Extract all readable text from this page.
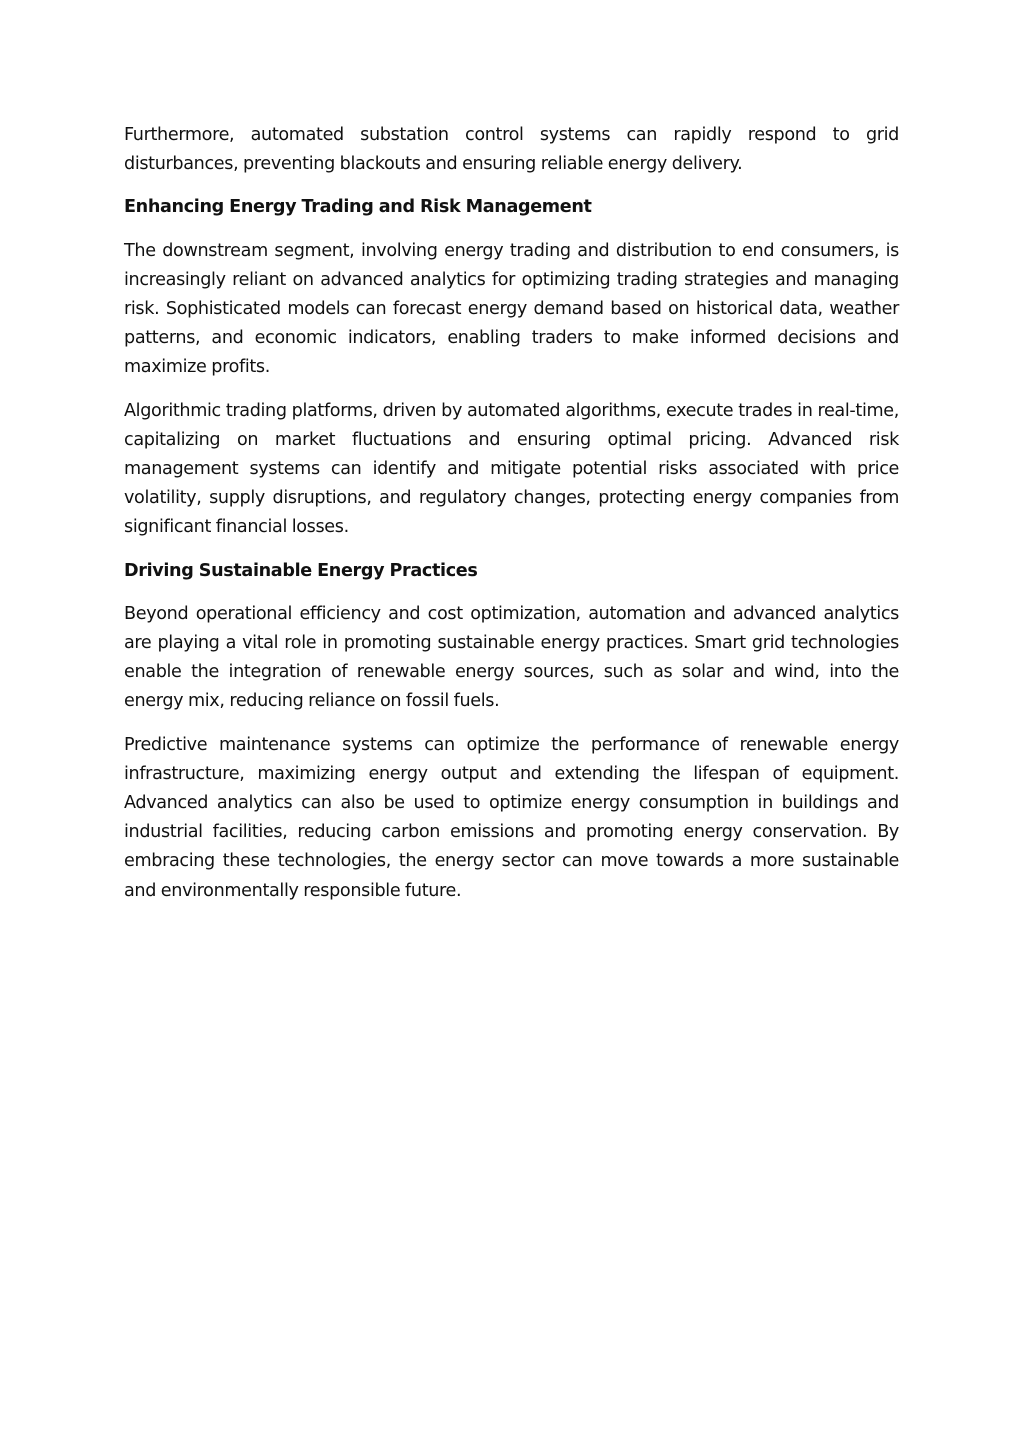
Furthermore, automated substation control systems can rapidly respond to grid disturbances, preventing blackouts and ensuring reliable energy delivery.

Enhancing Energy Trading and Risk Management

The downstream segment, involving energy trading and distribution to end consumers, is increasingly reliant on advanced analytics for optimizing trading strategies and managing risk. Sophisticated models can forecast energy demand based on historical data, weather patterns, and economic indicators, enabling traders to make informed decisions and maximize profits.

Algorithmic trading platforms, driven by automated algorithms, execute trades in real-time, capitalizing on market fluctuations and ensuring optimal pricing. Advanced risk management systems can identify and mitigate potential risks associated with price volatility, supply disruptions, and regulatory changes, protecting energy companies from significant financial losses.

Driving Sustainable Energy Practices

Beyond operational efficiency and cost optimization, automation and advanced analytics are playing a vital role in promoting sustainable energy practices. Smart grid technologies enable the integration of renewable energy sources, such as solar and wind, into the energy mix, reducing reliance on fossil fuels.

Predictive maintenance systems can optimize the performance of renewable energy infrastructure, maximizing energy output and extending the lifespan of equipment. Advanced analytics can also be used to optimize energy consumption in buildings and industrial facilities, reducing carbon emissions and promoting energy conservation. By embracing these technologies, the energy sector can move towards a more sustainable and environmentally responsible future.
